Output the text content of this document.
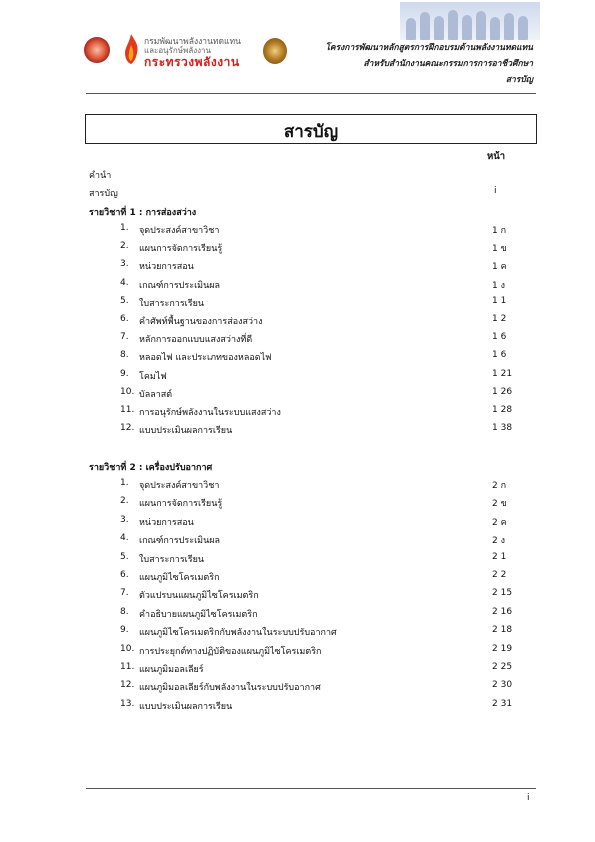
กรมพัฒนาพลังงานทดแทน
และอนุรักษ์พลังงาน
กระทรวงพลังงาน
โครงการพัฒนาหลักสูตรการฝึกอบรมด้านพลังงานทดแทน
สำหรับสำนักงานคณะกรรมการการอาชีวศึกษา
สารบัญ
สารบัญ
หน้า
คำนำ
สารบัญ	i
รายวิชาที่ 1 : การส่องสว่าง
1. จุดประสงค์สาขาวิชา	1 ก
2. แผนการจัดการเรียนรู้	1 ข
3. หน่วยการสอน	1 ค
4. เกณฑ์การประเมินผล	1 ง
5. ใบสาระการเรียน	1 1
6. คำศัพท์พื้นฐานของการส่องสว่าง	1 2
7. หลักการออกแบบแสงสว่างที่ดี	1 6
8. หลอดไฟ และประเภทของหลอดไฟ	1 6
9. โคมไฟ	1 21
10. บัลลาสต์	1 26
11. การอนุรักษ์พลังงานในระบบแสงสว่าง	1 28
12. แบบประเมินผลการเรียน	1 38
รายวิชาที่ 2 : เครื่องปรับอากาศ
1. จุดประสงค์สาขาวิชา	2 ก
2. แผนการจัดการเรียนรู้	2 ข
3. หน่วยการสอน	2 ค
4. เกณฑ์การประเมินผล	2 ง
5. ใบสาระการเรียน	2 1
6. แผนภูมิไซโครเมตริก	2 2
7. ตัวแปรบนแผนภูมิไซโครเมตริก	2 15
8. คำอธิบายแผนภูมิไซโครเมตริก	2 16
9. แผนภูมิไซโครเมตริกกับพลังงานในระบบปรับอากาศ	2 18
10. การประยุกต์ทางปฏิบัติของแผนภูมิไซโครเมตริก	2 19
11. แผนภูมิมอลเลียร์	2 25
12. แผนภูมิมอลเลียร์กับพลังงานในระบบปรับอากาศ	2 30
13. แบบประเมินผลการเรียน	2 31
i
